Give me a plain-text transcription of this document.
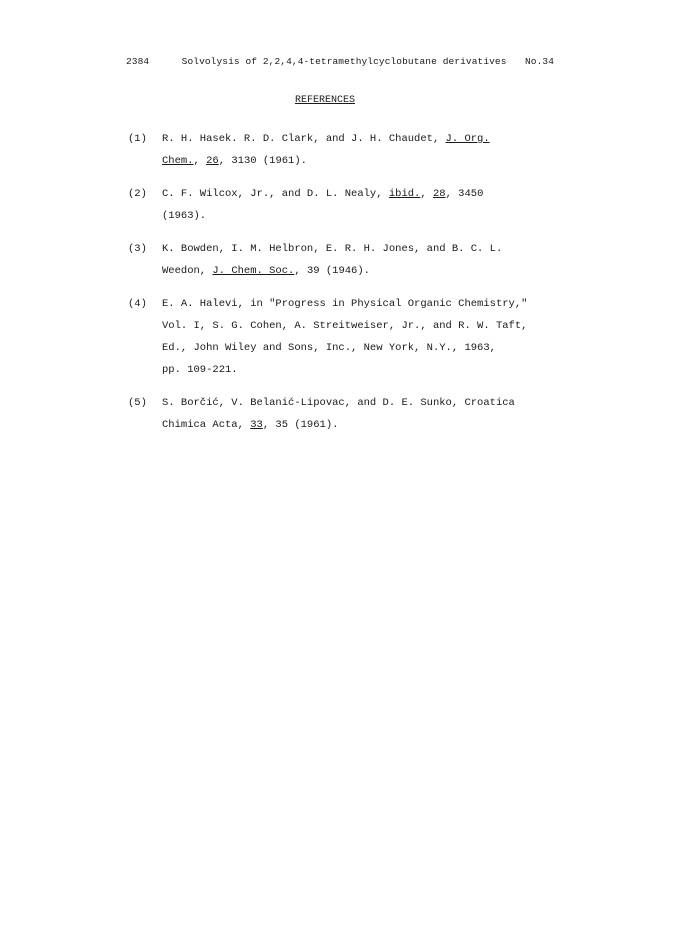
2384	Solvolysis of 2,2,4,4-tetramethylcyclobutane derivatives No.34
REFERENCES
(1) R. H. Hasek. R. D. Clark, and J. H. Chaudet, J. Org.
Chem., 26, 3130 (1961).
(2) C. F. Wilcox, Jr., and D. L. Nealy, ibid., 28, 3450
(1963).
(3) K. Bowden, I. M. Helbron, E. R. H. Jones, and B. C. L.
Weedon, J. Chem. Soc., 39 (1946).
(4) E. A. Halevi, in "Progress in Physical Organic Chemistry,"
Vol. I, S. G. Cohen, A. Streitweiser, Jr., and R. W. Taft,
Ed., John Wiley and Sons, Inc., New York, N.Y., 1963,
pp. 109-221.
(5) S. Borčić, V. Belanić-Lipovac, and D. E. Sunko, Croatica
Chimica Acta, 33, 35 (1961).
